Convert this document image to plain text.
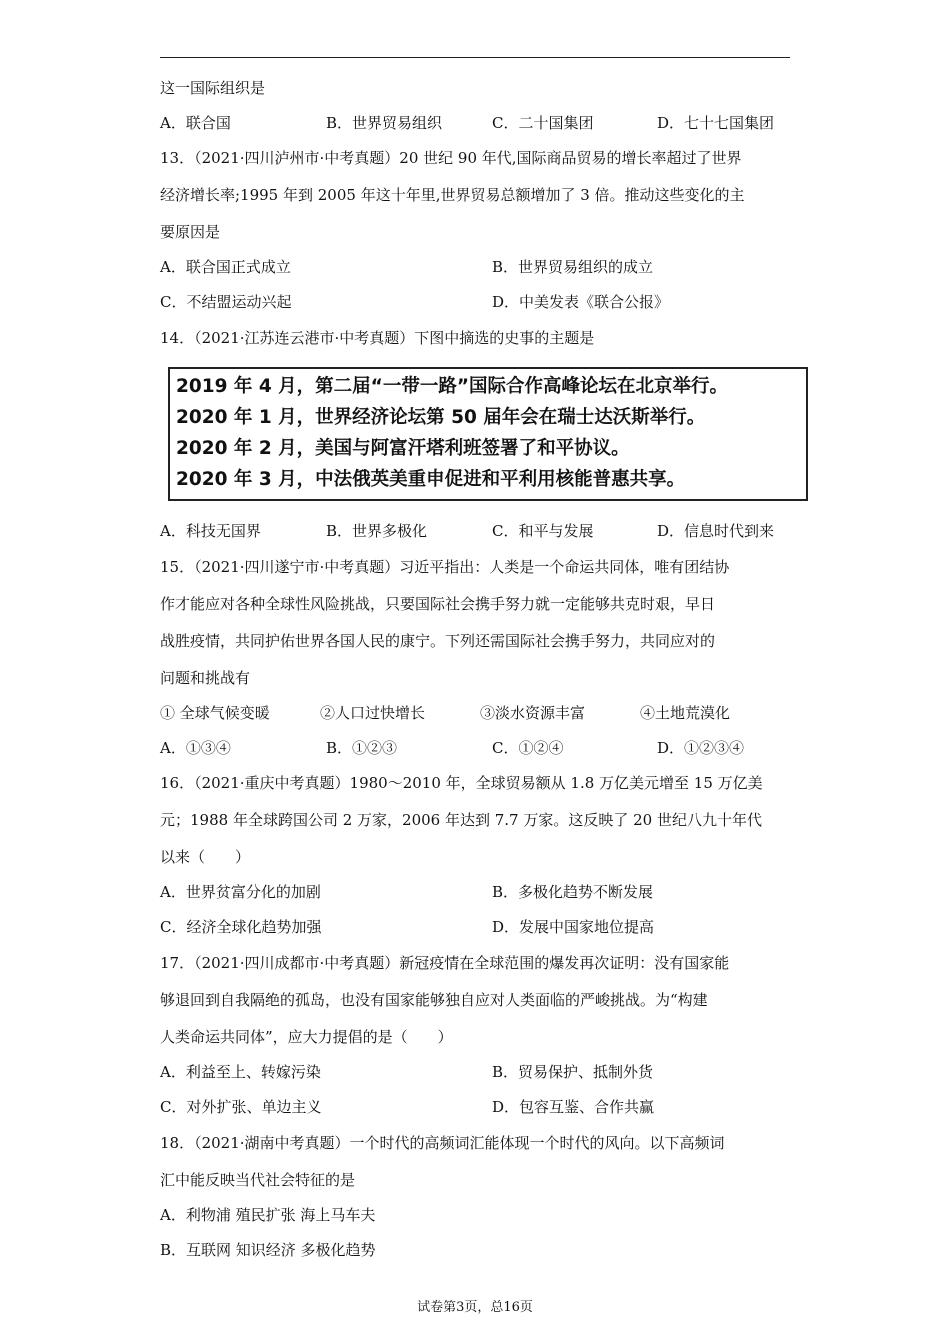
这一国际组织是
A．联合国	B．世界贸易组织	C．二十国集团	D．七十七国集团
13．（2021·四川泸州市·中考真题）20 世纪 90 年代,国际商品贸易的增长率超过了世界
经济增长率;1995 年到 2005 年这十年里,世界贸易总额增加了 3 倍。推动这些变化的主
要原因是
A．联合国正式成立	B．世界贸易组织的成立
C．不结盟运动兴起	D．中美发表《联合公报》
14．（2021·江苏连云港市·中考真题）下图中摘选的史事的主题是
2019 年 4 月，第二届“一带一路”国际合作高峰论坛在北京举行。
2020 年 1 月，世界经济论坛第 50 届年会在瑞士达沃斯举行。
2020 年 2 月，美国与阿富汗塔利班签署了和平协议。
2020 年 3 月，中法俄英美重申促进和平利用核能普惠共享。
A．科技无国界	B．世界多极化	C．和平与发展	D．信息时代到来
15．（2021·四川遂宁市·中考真题）习近平指出：人类是一个命运共同体，唯有团结协
作才能应对各种全球性风险挑战，只要国际社会携手努力就一定能够共克时艰，早日
战胜疫情，共同护佑世界各国人民的康宁。下列还需国际社会携手努力，共同应对的
问题和挑战有
① 全球气候变暖	②人口过快增长	③淡水资源丰富	④土地荒漠化
A．①③④	B．①②③	C．①②④	D．①②③④
16．（2021·重庆中考真题）1980～2010 年，全球贸易额从 1.8 万亿美元增至 15 万亿美
元；1988 年全球跨国公司 2 万家，2006 年达到 7.7 万家。这反映了 20 世纪八九十年代
以来（　　）
A．世界贫富分化的加剧	B．多极化趋势不断发展
C．经济全球化趋势加强	D．发展中国家地位提高
17．（2021·四川成都市·中考真题）新冠疫情在全球范围的爆发再次证明：没有国家能
够退回到自我隔绝的孤岛，也没有国家能够独自应对人类面临的严峻挑战。为“构建
人类命运共同体”，应大力提倡的是（　　）
A．利益至上、转嫁污染	B．贸易保护、抵制外货
C．对外扩张、单边主义	D．包容互鉴、合作共赢
18．（2021·湖南中考真题）一个时代的高频词汇能体现一个时代的风向。以下高频词
汇中能反映当代社会特征的是
A．利物浦 殖民扩张 海上马车夫
B．互联网 知识经济 多极化趋势
试卷第3页，总16页
